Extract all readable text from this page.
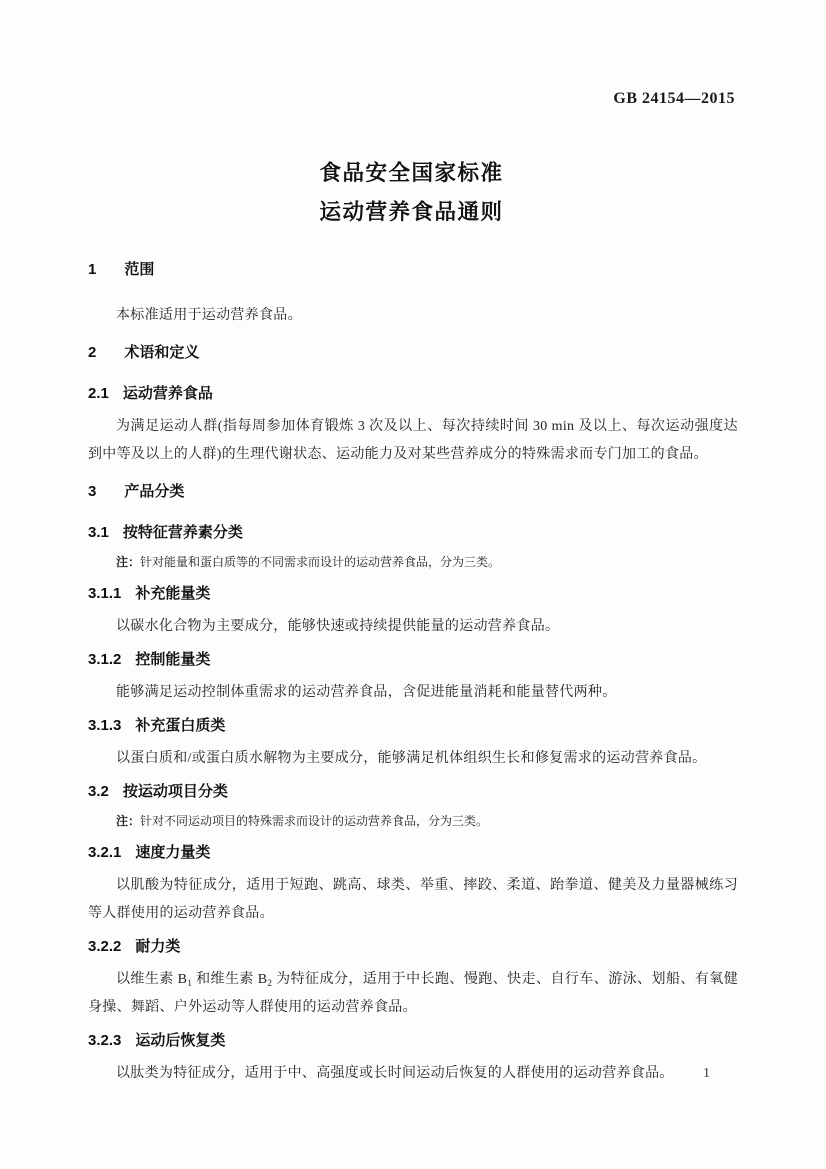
GB 24154—2015
食品安全国家标准
运动营养食品通则
1 范围

本标准适用于运动营养食品。

2 术语和定义
2.1 运动营养食品

为满足运动人群(指每周参加体育锻炼 3 次及以上、每次持续时间 30 min 及以上、每次运动强度达到中等及以上的人群)的生理代谢状态、运动能力及对某些营养成分的特殊需求而专门加工的食品。

3 产品分类
3.1 按特征营养素分类
注：针对能量和蛋白质等的不同需求而设计的运动营养食品，分为三类。
3.1.1 补充能量类

以碳水化合物为主要成分，能够快速或持续提供能量的运动营养食品。

3.1.2 控制能量类

能够满足运动控制体重需求的运动营养食品，含促进能量消耗和能量替代两种。

3.1.3 补充蛋白质类

以蛋白质和/或蛋白质水解物为主要成分，能够满足机体组织生长和修复需求的运动营养食品。

3.2 按运动项目分类
注：针对不同运动项目的特殊需求而设计的运动营养食品，分为三类。
3.2.1 速度力量类

以肌酸为特征成分，适用于短跑、跳高、球类、举重、摔跤、柔道、跆拳道、健美及力量器械练习等人群使用的运动营养食品。

3.2.2 耐力类

以维生素 $B_1$ 和维生素 $B_2$ 为特征成分，适用于中长跑、慢跑、快走、自行车、游泳、划船、有氧健身操、舞蹈、户外运动等人群使用的运动营养食品。

3.2.3 运动后恢复类

以肽类为特征成分，适用于中、高强度或长时间运动后恢复的人群使用的运动营养食品。	1
